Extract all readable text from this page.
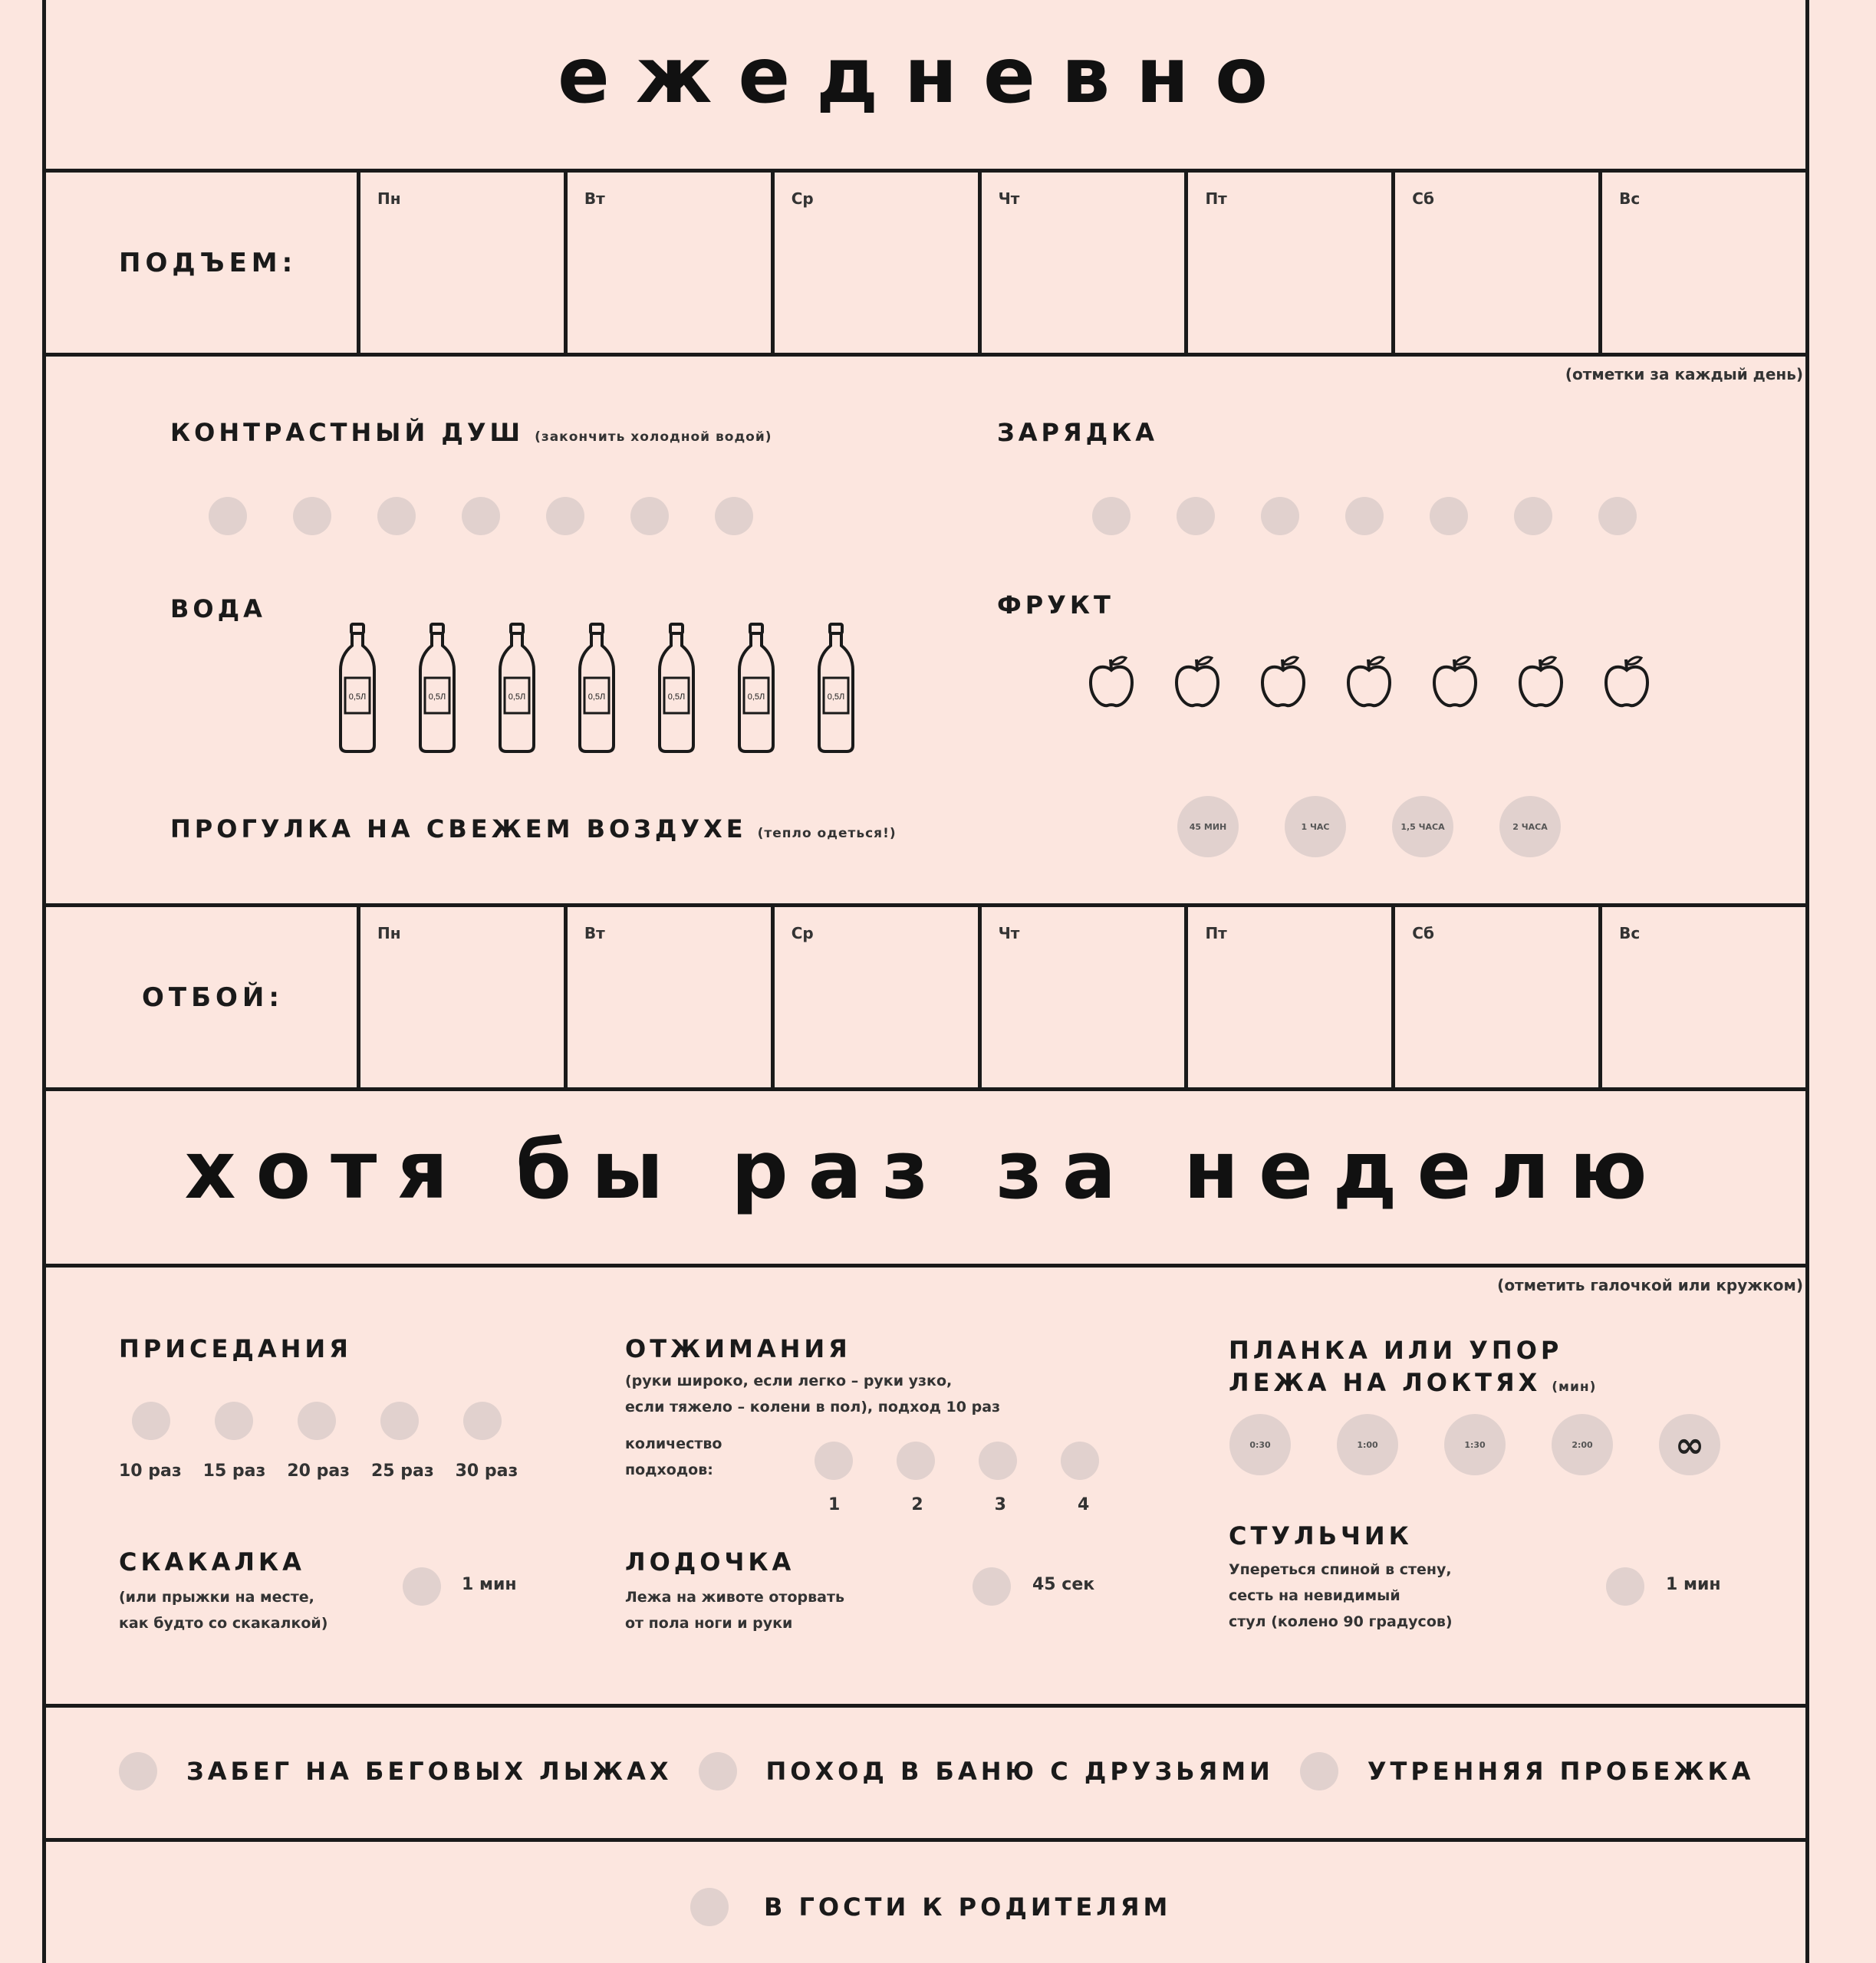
ежедневно
ПОДЪЕМ:
Пн	Вт	Ср	Чт	Пт	Сб	Вс
(отметки за каждый день)
КОНТРАСТНЫЙ ДУШ (закончить холодной водой)	ЗАРЯДКА
ВОДА
0,5Л	0,5Л	0,5Л	0,5Л	0,5Л	0,5Л	0,5Л
ФРУКТ
ПРОГУЛКА НА СВЕЖЕМ ВОЗДУХЕ (тепло одеться!)	45 МИН	1 ЧАС	1,5 ЧАСА	2 ЧАСА
ОТБОЙ:
Пн	Вт	Ср	Чт	Пт	Сб	Вс
хотя бы раз за неделю
(отметить галочкой или кружком)
ПРИСЕДАНИЯ
10 раз 15 раз 20 раз 25 раз 30 раз
ОТЖИМАНИЯ
(руки широко, если легко – руки узко,
если тяжело – колени в пол), подход 10 раз
количество
подходов:
1	2	3	4
ПЛАНКА ИЛИ УПОР
ЛЕЖА НА ЛОКТЯХ (мин)
0:30	1:00	1:30	2:00	∞
СКАКАЛКА
(или прыжки на месте,
как будто со скакалкой)
1 мин
ЛОДОЧКА
Лежа на животе оторвать
от пола ноги и руки
45 сек
СТУЛЬЧИК
Упереться спиной в стену,
сесть на невидимый
стул (колено 90 градусов)
1 мин
ЗАБЕГ НА БЕГОВЫХ ЛЫЖАХ	ПОХОД В БАНЮ С ДРУЗЬЯМИ	УТРЕННЯЯ ПРОБЕЖКА
В ГОСТИ К РОДИТЕЛЯМ
